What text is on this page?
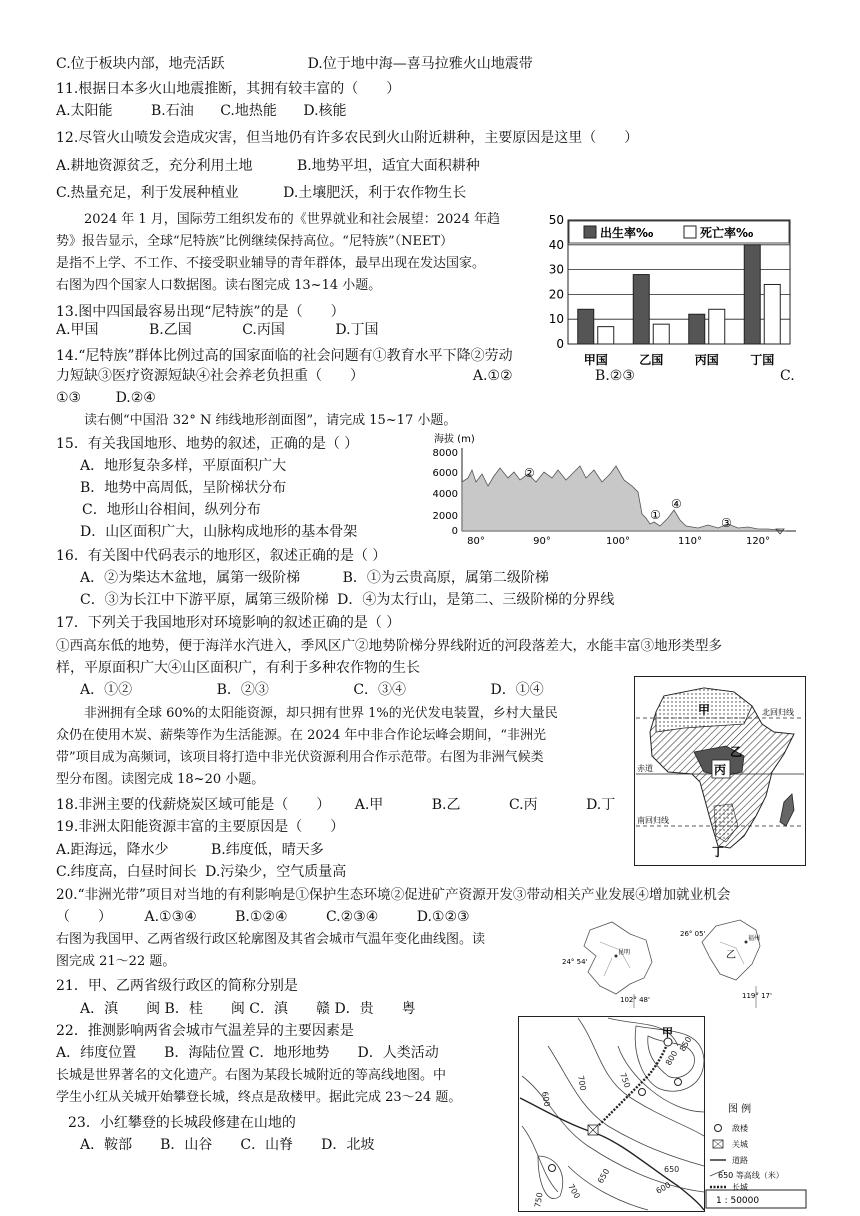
C.位于板块内部，地壳活跃	D.位于地中海—喜马拉雅火山地震带
11.根据日本多火山地震推断，其拥有较丰富的（　　）
A.太阳能	B.石油 C.地热能 D.核能
12.尽管火山喷发会造成灾害，但当地仍有许多农民到火山附近耕种，主要原因是这里（　　）
A.耕地资源贫乏，充分利用土地	B.地势平坦，适宜大面积耕种
C.热量充足，利于发展种植业	D.土壤肥沃，利于农作物生长
2024 年 1 月，国际劳工组织发布的《世界就业和社会展望：2024 年趋
势》报告显示，全球“尼特族”比例继续保持高位。“尼特族”（NEET）
是指不上学、不工作、不接受职业辅导的青年群体，最早出现在发达国家。
右图为四个国家人口数据图。读右图完成 13~14 小题。
13.图中四国最容易出现“尼特族”的是（　　）
A.甲国	B.乙国	C.丙国	D.丁国
14.“尼特族”群体比例过高的国家面临的社会问题有①教育水平下降②劳动
力短缺③医疗资源短缺④社会养老负担重（　　）	A.①②	B.②③	C.
①③ D.②④
0
10
20
30
40
50
甲国	乙国	丙国	丁国
出生率‰	死亡率‰
读右侧“中国沿 32° N 纬线地形剖面图”，请完成 15~17 小题。
15．有关我国地形、地势的叙述，正确的是（ ）
A．地形复杂多样，平原面积广大
B．地势中高周低，呈阶梯状分布
C．地形山谷相间，纵列分布
D．山区面积广大，山脉构成地形的基本骨架
海拔 (m)
8000
6000
4000
2000
0
②
①
④
③
80°	90°	100°	110°	120°
16．有关图中代码表示的地形区，叙述正确的是（ ）
A．②为柴达木盆地，属第一级阶梯	B．①为云贵高原，属第二级阶梯
C．③为长江中下游平原，属第三级阶梯 D．④为太行山，是第二、三级阶梯的分界线
17．下列关于我国地形对环境影响的叙述正确的是（ ）
①西高东低的地势，便于海洋水汽进入，季风区广②地势阶梯分界线附近的河段落差大，水能丰富③地形类型多
样，平原面积广大④山区面积广，有利于多种农作物的生长
A．①②	B．②③	C．③④	D．①④
非洲拥有全球 60%的太阳能资源，却只拥有世界 1%的光伏发电装置，乡村大量民
众仍在使用木炭、薪柴等作为生活能源。在 2024 年中非合作论坛峰会期间，“非洲光
带”项目成为高频词，该项目将打造中非光伏资源利用合作示范带。右图为非洲气候类
型分布图。读图完成 18~20 小题。
北回归线
赤道
南回归线
甲
乙
丙
丁
18.非洲主要的伐薪烧炭区域可能是（　　） A.甲	B.乙	C.丙	D.丁
19.非洲太阳能资源丰富的主要原因是（　　）
A.距海远，降水少	B.纬度低，晴天多
C.纬度高，白昼时间长 D.污染少，空气质量高
20.“非洲光带”项目对当地的有利影响是①保护生态环境②促进矿产资源开发③带动相关产业发展④增加就业机会
（　　） A.①③④	B.①②④	C.②③④	D.①②③
右图为我国甲、乙两省级行政区轮廓图及其省会城市气温年变化曲线图。读
图完成 21～22 题。
昆明
24° 54'
102° 48'
福州
乙
26° 05'
119° 17'
21．甲、乙两省级行政区的简称分别是
A．滇　　闽 B．桂　　闽 C．滇　　赣 D．贵　　粤
22．推测影响两省会城市气温差异的主要因素是
A．纬度位置　　B．海陆位置 C．地形地势　　D．人类活动
长城是世界著名的文化遗产。右图为某段长城附近的等高线地图。中
学生小红从关城开始攀登长城，终点是敌楼甲。据此完成 23～24 题。
23．小红攀登的长城段修建在山地的
A．鞍部　　B．山谷　　C．山脊　　D．北坡
甲
850
800
750
700
650
600
600
650
700
750	1 : 50000
图 例
敌楼
关城
道路
650 等高线（米）
长城
